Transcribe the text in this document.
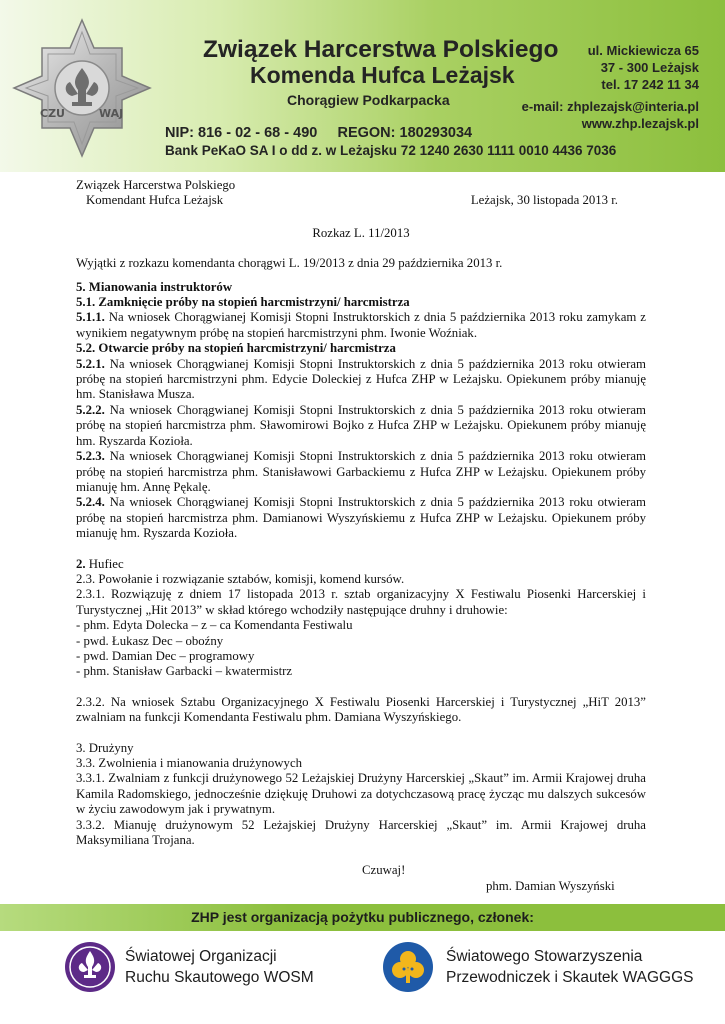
CZU	WAJ
Związek Harcerstwa Polskiego
Komenda Hufca Leżajsk
Chorągiew Podkarpacka
ul. Mickiewicza 65
37 - 300 Leżajsk
tel. 17 242 11 34
e-mail: zhplezajsk@interia.pl
www.zhp.lezajsk.pl
NIP: 816 - 02 - 68 - 490     REGON: 180293034
Bank PeKaO SA I o dd z. w Leżajsku 72 1240 2630 1111 0010 4436 7036

Związek Harcerstwa Polskiego

Komendant Hufca Leżajsk	Leżajsk, 30 listopada 2013 r.

Rozkaz L. 11/2013

Wyjątki z rozkazu komendanta chorągwi L. 19/2013 z dnia 29 października 2013 r.

5. Mianowania instruktorów

5.1. Zamknięcie próby na stopień harcmistrzyni/ harcmistrza

5.1.1. Na wniosek Chorągwianej Komisji Stopni Instruktorskich z dnia 5 października 2013 roku zamykam z wynikiem negatywnym próbę na stopień harcmistrzyni phm. Iwonie Woźniak.

5.2. Otwarcie próby na stopień harcmistrzyni/ harcmistrza

5.2.1. Na wniosek Chorągwianej Komisji Stopni Instruktorskich z dnia 5 października 2013 roku otwieram próbę na stopień harcmistrzyni phm. Edycie Doleckiej z Hufca ZHP w Leżajsku. Opiekunem próby mianuję hm. Stanisława Musza.

5.2.2. Na wniosek Chorągwianej Komisji Stopni Instruktorskich z dnia 5 października 2013 roku otwieram próbę na stopień harcmistrza phm. Sławomirowi Bojko z Hufca ZHP w Leżajsku. Opiekunem próby mianuję hm. Ryszarda Kozioła.

5.2.3. Na wniosek Chorągwianej Komisji Stopni Instruktorskich z dnia 5 października 2013 roku otwieram próbę na stopień harcmistrza phm. Stanisławowi Garbackiemu z Hufca ZHP w Leżajsku. Opiekunem próby mianuję hm. Annę Pękalę.

5.2.4. Na wniosek Chorągwianej Komisji Stopni Instruktorskich z dnia 5 października 2013 roku otwieram próbę na stopień harcmistrza phm. Damianowi Wyszyńskiemu z Hufca ZHP w Leżajsku. Opiekunem próby mianuję hm. Ryszarda Kozioła.

2. Hufiec

2.3. Powołanie i rozwiązanie sztabów, komisji, komend kursów.

2.3.1. Rozwiązuję z dniem 17 listopada 2013 r. sztab organizacyjny X Festiwalu Piosenki Harcerskiej i Turystycznej „Hit 2013” w skład którego wchodziły następujące druhny i druhowie:

- phm. Edyta Dolecka – z – ca Komendanta Festiwalu

- pwd. Łukasz Dec – oboźny

- pwd. Damian Dec – programowy

- phm. Stanisław Garbacki – kwatermistrz

2.3.2. Na wniosek Sztabu Organizacyjnego X Festiwalu Piosenki Harcerskiej i Turystycznej „HiT 2013” zwalniam na funkcji Komendanta Festiwalu phm. Damiana Wyszyńskiego.

3. Drużyny

3.3. Zwolnienia i mianowania drużynowych

3.3.1. Zwalniam z funkcji drużynowego 52 Leżajskiej Drużyny Harcerskiej „Skaut” im. Armii Krajowej druha Kamila Radomskiego, jednocześnie dziękuję Druhowi za dotychczasową pracę życząc mu dalszych sukcesów w życiu zawodowym jak i prywatnym.

3.3.2. Mianuję drużynowym 52 Leżajskiej Drużyny Harcerskiej „Skaut” im. Armii Krajowej druha Maksymiliana Trojana.

Czuwaj!

phm. Damian Wyszyński

ZHP jest organizacją pożytku publicznego, członek:
Światowej Organizacji
Ruchu Skautowego WOSM
Światowego Stowarzyszenia
Przewodniczek i Skautek WAGGGS
